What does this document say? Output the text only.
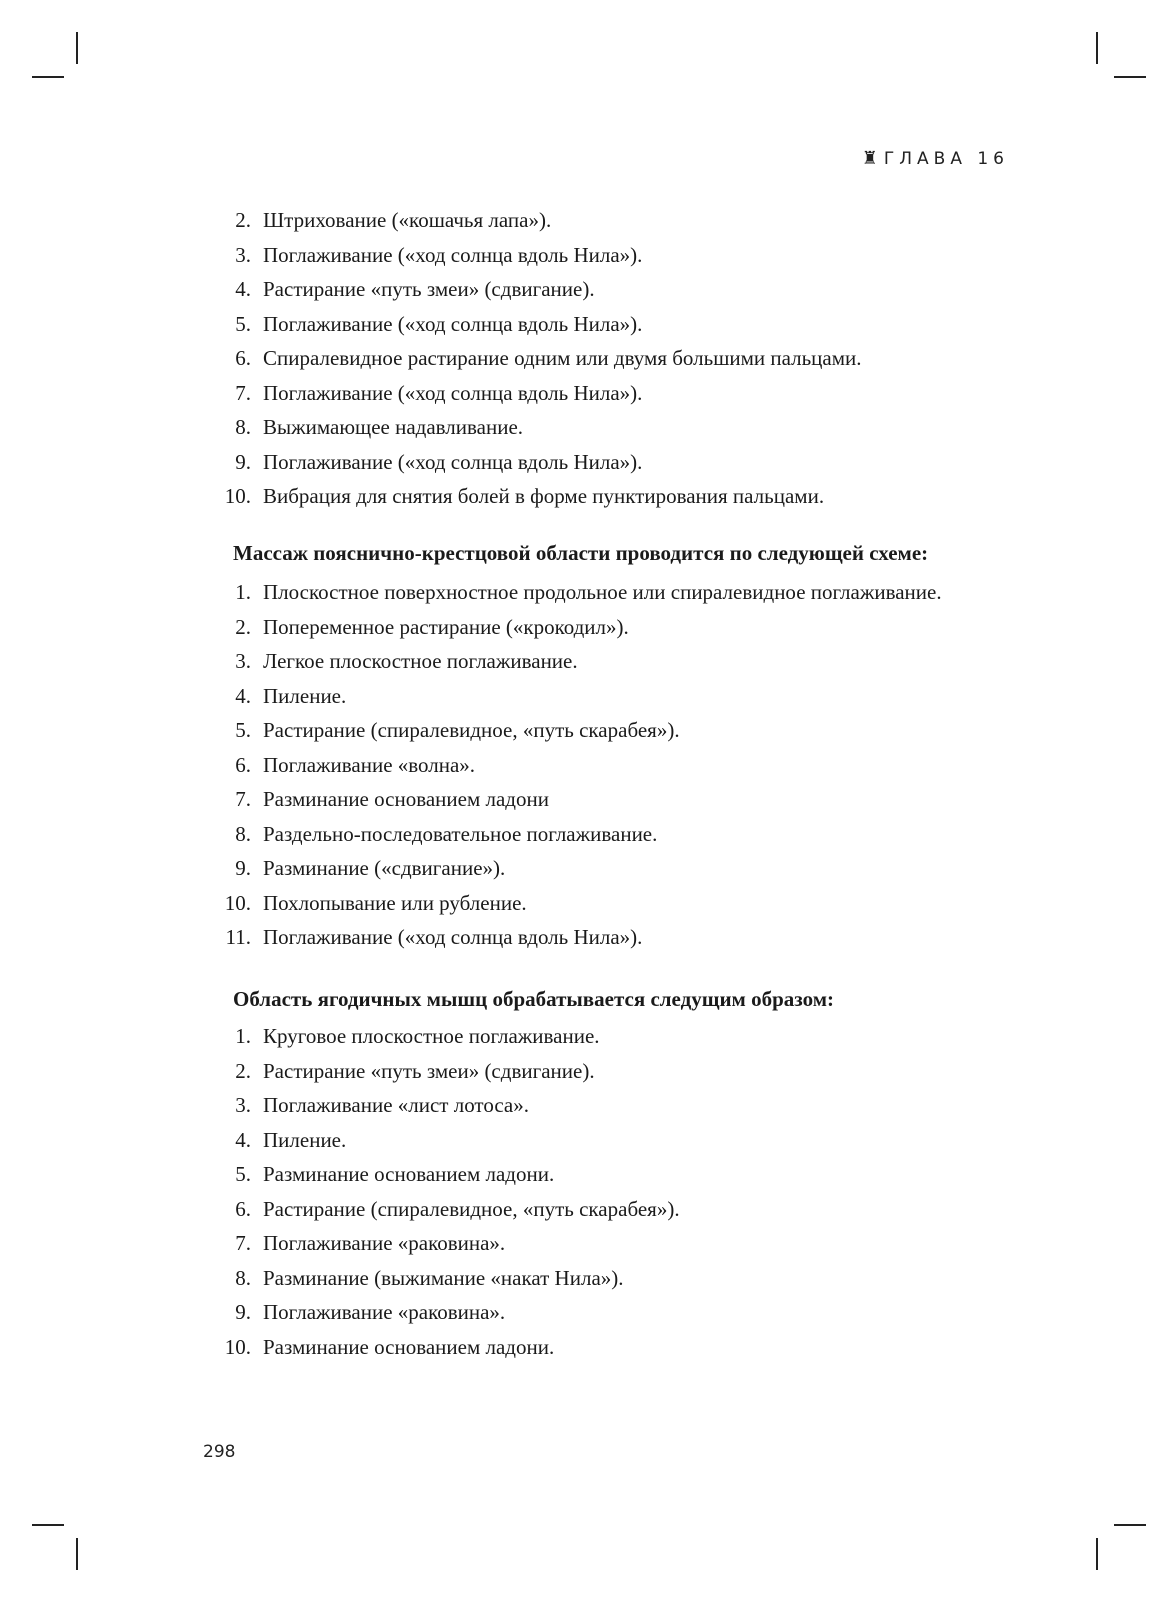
♜ ГЛАВА 16
2. Штрихование («кошачья лапа»).
3. Поглаживание («ход солнца вдоль Нила»).
4. Растирание «путь змеи» (сдвигание).
5. Поглаживание («ход солнца вдоль Нила»).
6. Спиралевидное растирание одним или двумя большими пальцами.
7. Поглаживание («ход солнца вдоль Нила»).
8. Выжимающее надавливание.
9. Поглаживание («ход солнца вдоль Нила»).
10. Вибрация для снятия болей в форме пунктирования пальцами.
Массаж пояснично-крестцовой области проводится по следующей схеме:
1. Плоскостное поверхностное продольное или спиралевидное поглаживание.
2. Попеременное растирание («крокодил»).
3. Легкое плоскостное поглаживание.
4. Пиление.
5. Растирание (спиралевидное, «путь скарабея»).
6. Поглаживание «волна».
7. Разминание основанием ладони
8. Раздельно-последовательное поглаживание.
9. Разминание («сдвигание»).
10. Похлопывание или рубление.
11. Поглаживание («ход солнца вдоль Нила»).
Область ягодичных мышц обрабатывается следущим образом:
1. Круговое плоскостное поглаживание.
2. Растирание «путь змеи» (сдвигание).
3. Поглаживание «лист лотоса».
4. Пиление.
5. Разминание основанием ладони.
6. Растирание (спиралевидное, «путь скарабея»).
7. Поглаживание «раковина».
8. Разминание (выжимание «накат Нила»).
9. Поглаживание «раковина».
10. Разминание основанием ладони.
298
